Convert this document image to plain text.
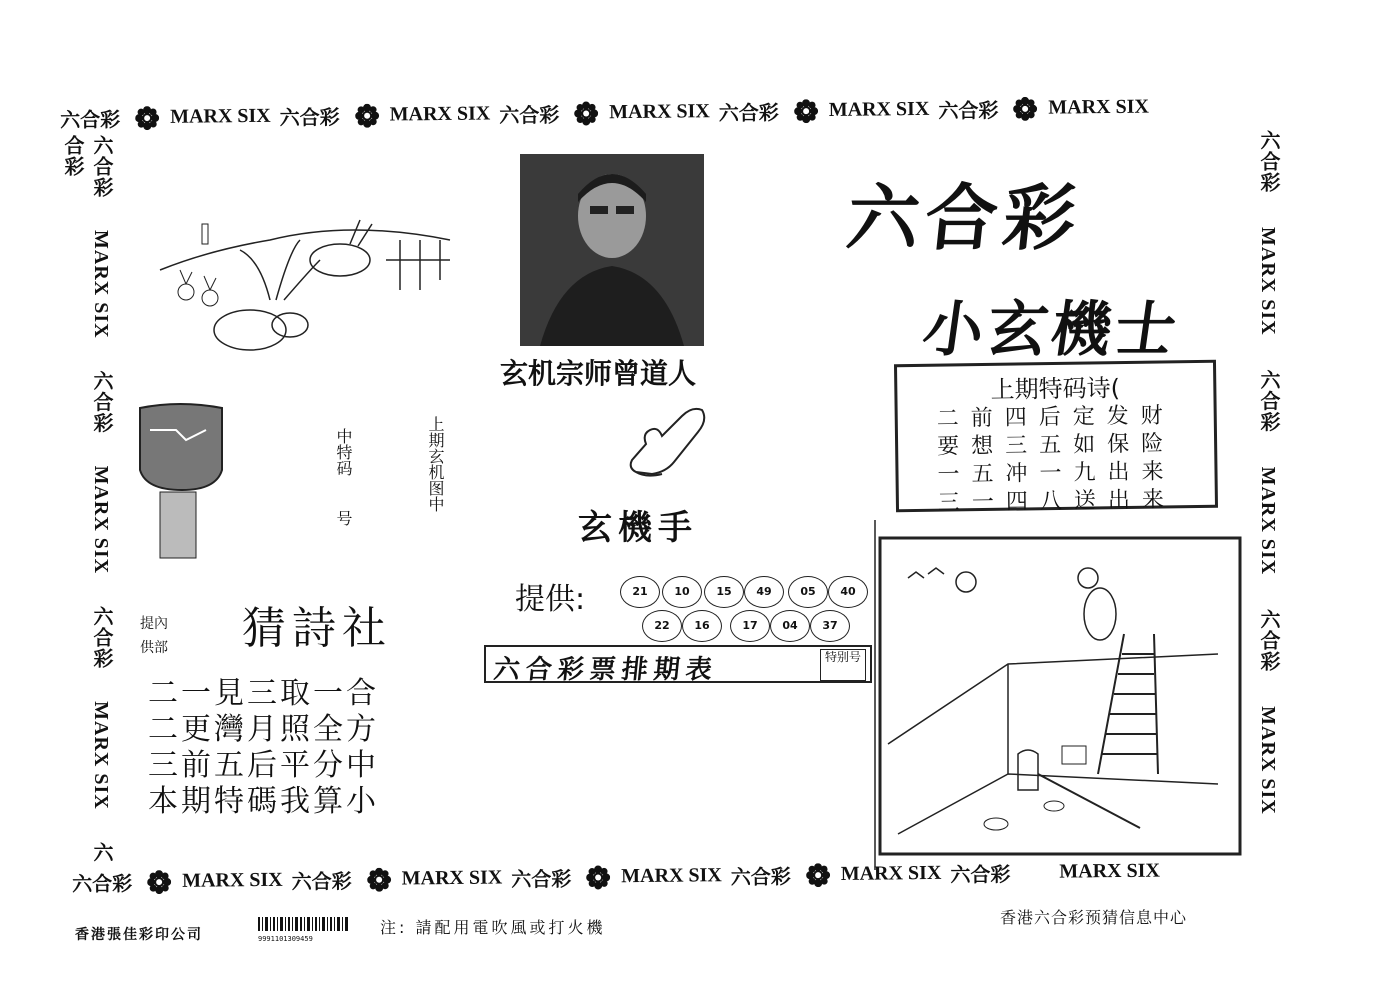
六合彩 MARX SIX 六合彩 MARX SIX 六合彩 MARX SIX 六合彩 MARX SIX 六合彩 MARX SIX
六合彩  MARX SIX  六合彩  MARX SIX  六合彩  MARX SIX  六合彩	六合彩  MARX SIX  六合彩  MARX SIX  六合彩  MARX SIX
六合彩 MARX SIX 六合彩 MARX SIX 六合彩 MARX SIX 六合彩 MARX SIX 六合彩 MARX SIX
六合彩
小玄機士
上期特码诗(
二前四后定发财
要想三五如保险
一五冲一九出来
三一四八送出来
玄机宗师曾道人
玄機手
提供:	21	10	15	49	05	40
22	16	17	04	37
六合彩票排期表	特别号
上期玄机图中
中特码
号
提內
供部 猜詩社
二一見三取一合
二更灣月照全方
三前五后平分中
本期特碼我算小
香港張佳彩印公司	9991101309459
注: 請配用電吹風或打火機
香港六合彩预猜信息中心
